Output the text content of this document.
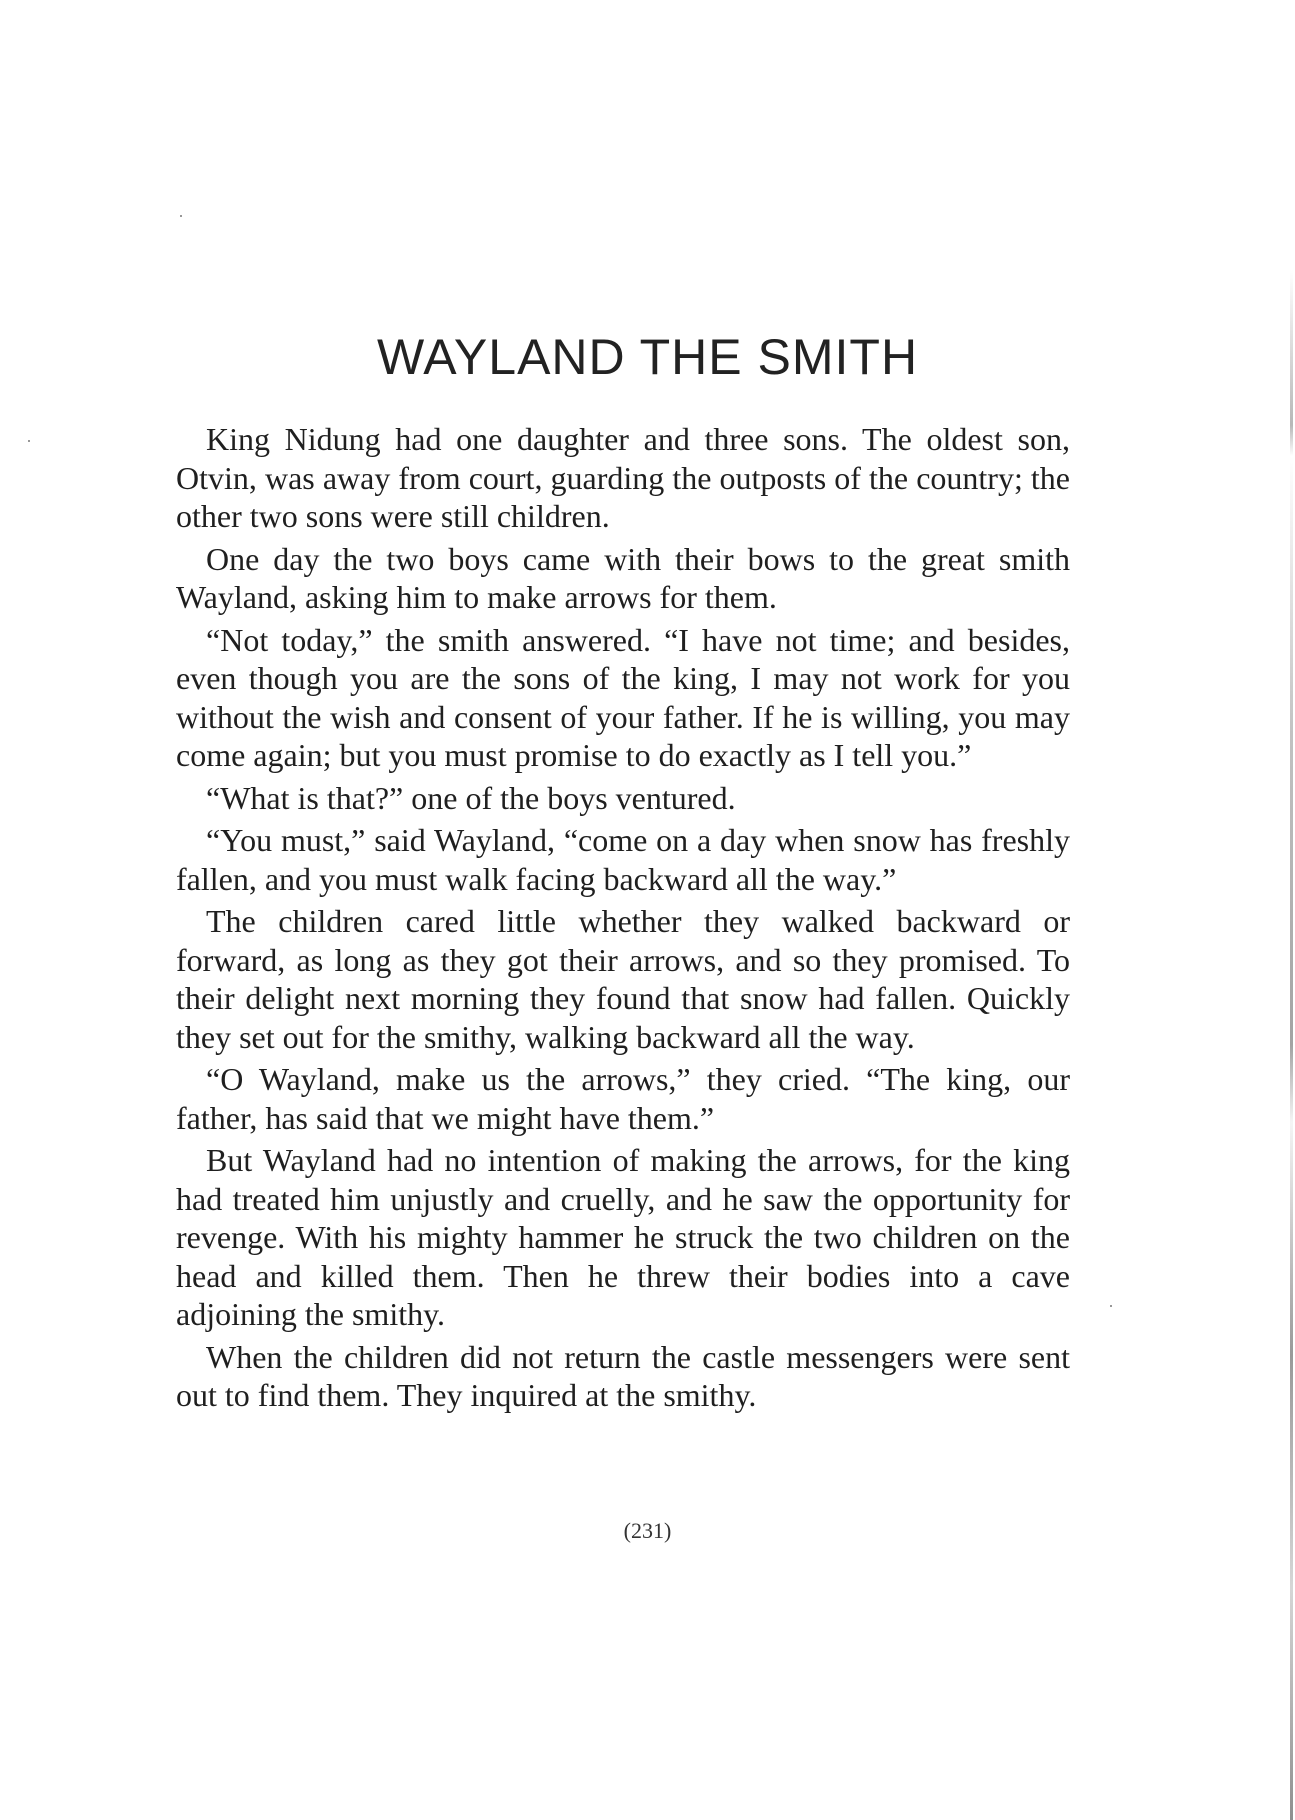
WAYLAND THE SMITH

King Nidung had one daughter and three sons. The oldest son, Otvin, was away from court, guarding the outposts of the country; the other two sons were still children.

One day the two boys came with their bows to the great smith Wayland, asking him to make arrows for them.

“Not today,” the smith answered. “I have not time; and besides, even though you are the sons of the king, I may not work for you without the wish and consent of your father. If he is willing, you may come again; but you must promise to do exactly as I tell you.”

“What is that?” one of the boys ventured.

“You must,” said Wayland, “come on a day when snow has freshly fallen, and you must walk facing backward all the way.”

The children cared little whether they walked backward or forward, as long as they got their arrows, and so they promised. To their delight next morning they found that snow had fallen. Quickly they set out for the smithy, walking backward all the way.

“O Wayland, make us the arrows,” they cried. “The king, our father, has said that we might have them.”

But Wayland had no intention of making the arrows, for the king had treated him unjustly and cruelly, and he saw the opportunity for revenge. With his mighty hammer he struck the two children on the head and killed them. Then he threw their bodies into a cave adjoining the smithy.

When the children did not return the castle messengers were sent out to find them. They inquired at the smithy.

(231)
